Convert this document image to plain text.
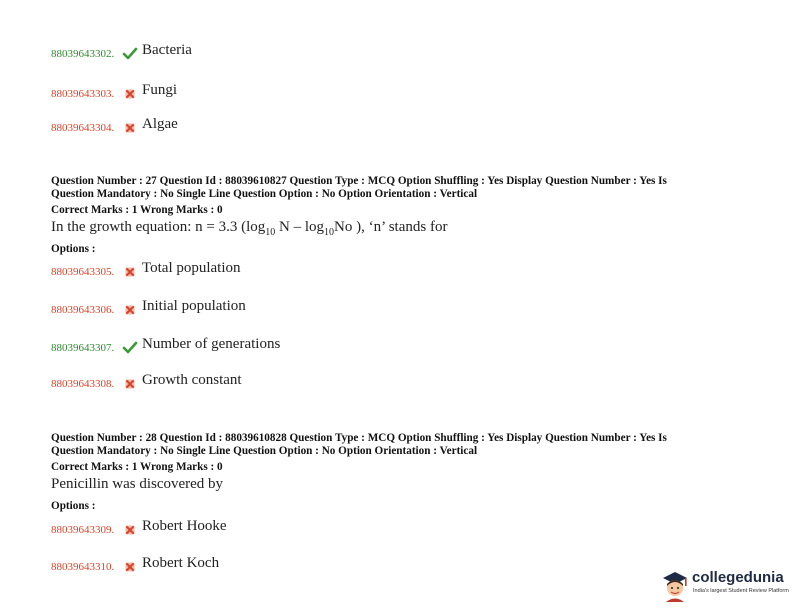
88039643302.	Bacteria
88039643303.	Fungi
88039643304.	Algae
Question Number : 27 Question Id : 88039610827 Question Type : MCQ Option Shuffling : Yes Display Question Number : Yes Is
Question Mandatory : No Single Line Question Option : No Option Orientation : Vertical
Correct Marks : 1 Wrong Marks : 0
In the growth equation: n = 3.3 ($\log_{10}$ N – $\log_{10}No$ ), ‘n’ stands for
Options :
88039643305.	Total population
88039643306.	Initial population
88039643307.	Number of generations
88039643308.	Growth constant
Question Number : 28 Question Id : 88039610828 Question Type : MCQ Option Shuffling : Yes Display Question Number : Yes Is
Question Mandatory : No Single Line Question Option : No Option Orientation : Vertical
Correct Marks : 1 Wrong Marks : 0
Penicillin was discovered by
Options :
88039643309.	Robert Hooke
88039643310.	Robert Koch
collegedunia
India's largest Student Review Platform
